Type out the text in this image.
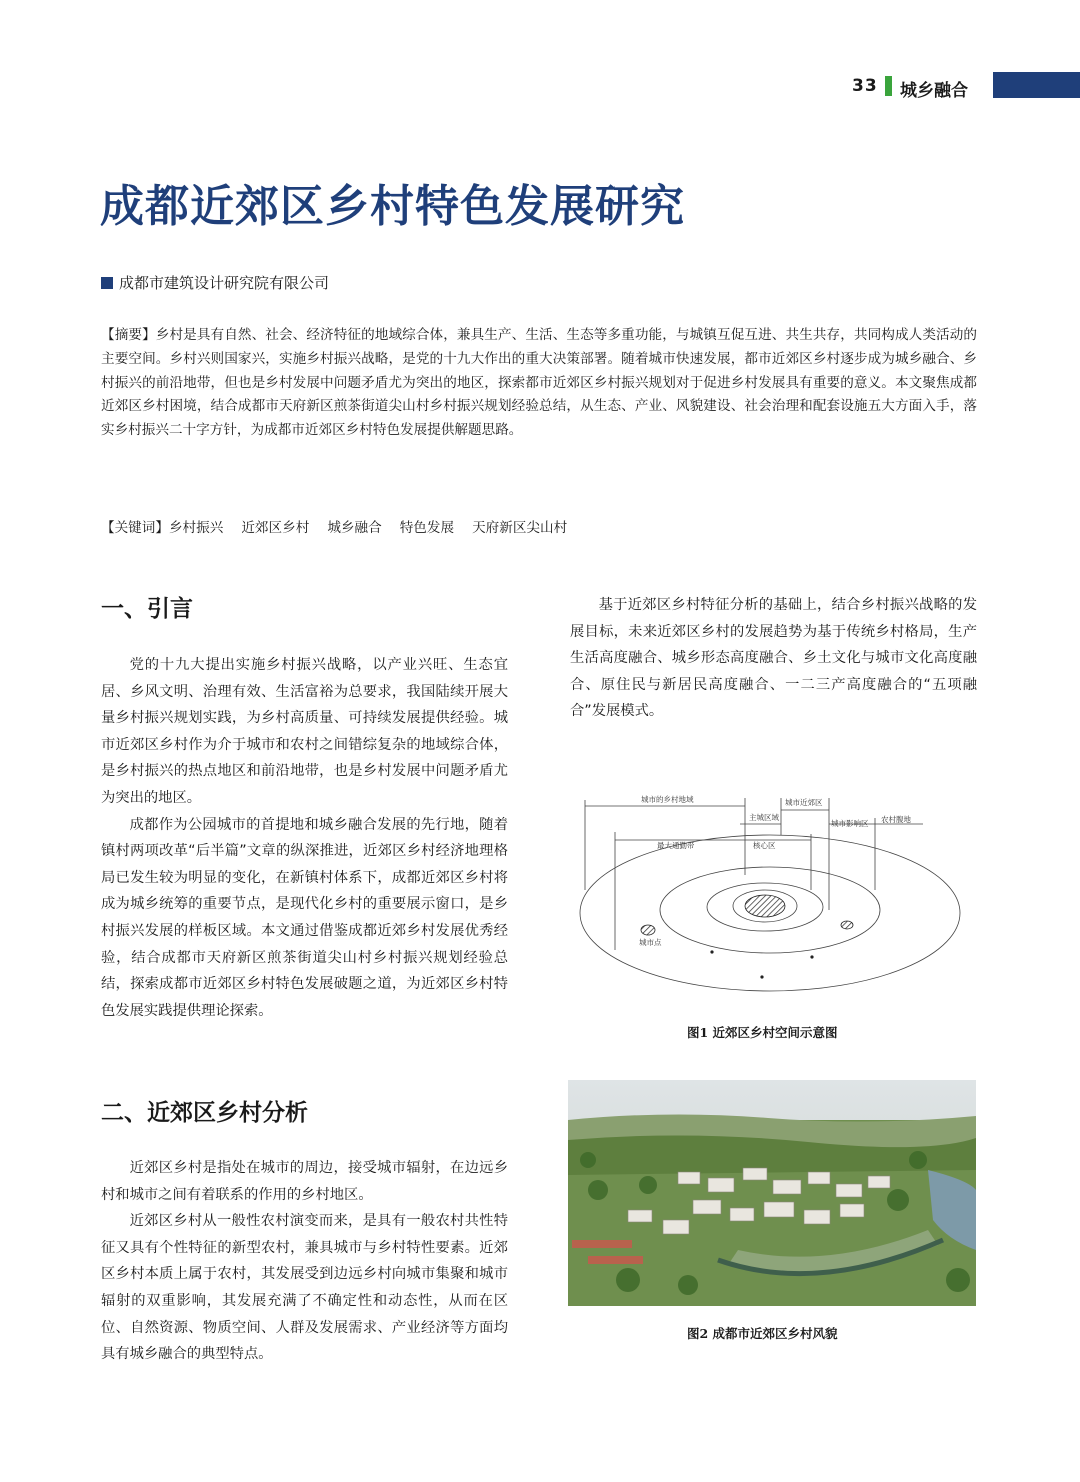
33 城乡融合
成都近郊区乡村特色发展研究
成都市建筑设计研究院有限公司
【摘要】乡村是具有自然、社会、经济特征的地域综合体，兼具生产、生活、生态等多重功能，与城镇互促互进、共生共存，共同构成人类活动的主要空间。乡村兴则国家兴，实施乡村振兴战略，是党的十九大作出的重大决策部署。随着城市快速发展，都市近郊区乡村逐步成为城乡融合、乡村振兴的前沿地带，但也是乡村发展中问题矛盾尤为突出的地区，探索都市近郊区乡村振兴规划对于促进乡村发展具有重要的意义。本文聚焦成都近郊区乡村困境，结合成都市天府新区煎茶街道尖山村乡村振兴规划经验总结，从生态、产业、风貌建设、社会治理和配套设施五大方面入手，落实乡村振兴二十字方针，为成都市近郊区乡村特色发展提供解题思路。
【关键词】乡村振兴 近郊区乡村 城乡融合 特色发展 天府新区尖山村
一、引言

党的十九大提出实施乡村振兴战略，以产业兴旺、生态宜居、乡风文明、治理有效、生活富裕为总要求，我国陆续开展大量乡村振兴规划实践，为乡村高质量、可持续发展提供经验。城市近郊区乡村作为介于城市和农村之间错综复杂的地域综合体，是乡村振兴的热点地区和前沿地带，也是乡村发展中问题矛盾尤为突出的地区。

成都作为公园城市的首提地和城乡融合发展的先行地，随着镇村两项改革“后半篇”文章的纵深推进，近郊区乡村经济地理格局已发生较为明显的变化，在新镇村体系下，成都近郊区乡村将成为城乡统筹的重要节点，是现代化乡村的重要展示窗口，是乡村振兴发展的样板区域。本文通过借鉴成都近郊乡村发展优秀经验，结合成都市天府新区煎茶街道尖山村乡村振兴规划经验总结，探索成都市近郊区乡村特色发展破题之道，为近郊区乡村特色发展实践提供理论探索。

二、近郊区乡村分析

近郊区乡村是指处在城市的周边，接受城市辐射，在边远乡村和城市之间有着联系的作用的乡村地区。

近郊区乡村从一般性农村演变而来，是具有一般农村共性特征又具有个性特征的新型农村，兼具城市与乡村特性要素。近郊区乡村本质上属于农村，其发展受到边远乡村向城市集聚和城市辐射的双重影响，其发展充满了不确定性和动态性，从而在区位、自然资源、物质空间、人群及发展需求、产业经济等方面均具有城乡融合的典型特点。

基于近郊区乡村特征分析的基础上，结合乡村振兴战略的发展目标，未来近郊区乡村的发展趋势为基于传统乡村格局，生产生活高度融合、城乡形态高度融合、乡土文化与城市文化高度融合、原住民与新居民高度融合、一二三产高度融合的“五项融合”发展模式。

城市的乡村地域	城市近郊区
主城区域
城市影响区 农村腹地
最大通勤带	核心区
城市点
图1 近郊区乡村空间示意图
图2 成都市近郊区乡村风貌
